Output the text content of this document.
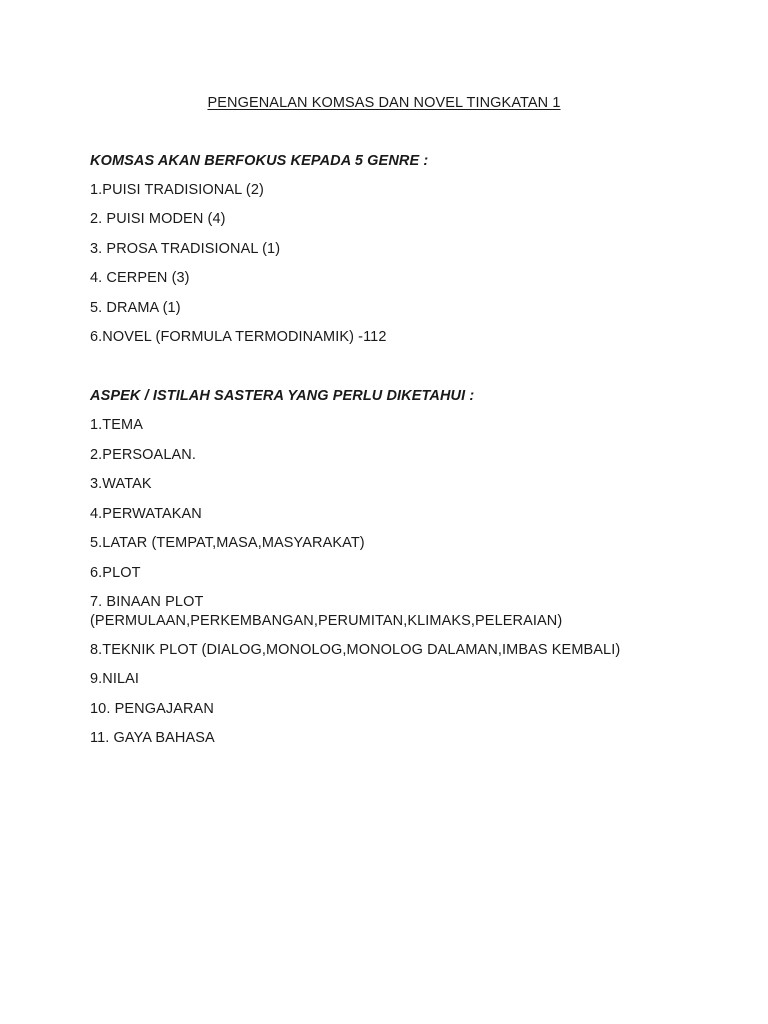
PENGENALAN KOMSAS DAN NOVEL TINGKATAN 1
KOMSAS AKAN BERFOKUS KEPADA 5 GENRE :
1.PUISI TRADISIONAL (2)
2. PUISI MODEN (4)
3. PROSA TRADISIONAL (1)
4. CERPEN (3)
5. DRAMA (1)
6.NOVEL (FORMULA TERMODINAMIK) -112
ASPEK / ISTILAH SASTERA YANG PERLU DIKETAHUI :
1.TEMA
2.PERSOALAN.
3.WATAK
4.PERWATAKAN
5.LATAR (TEMPAT,MASA,MASYARAKAT)
6.PLOT
7. BINAAN PLOT
(PERMULAAN,PERKEMBANGAN,PERUMITAN,KLIMAKS,PELERAIAN)
8.TEKNIK PLOT (DIALOG,MONOLOG,MONOLOG DALAMAN,IMBAS KEMBALI)
9.NILAI
10. PENGAJARAN
11. GAYA BAHASA
